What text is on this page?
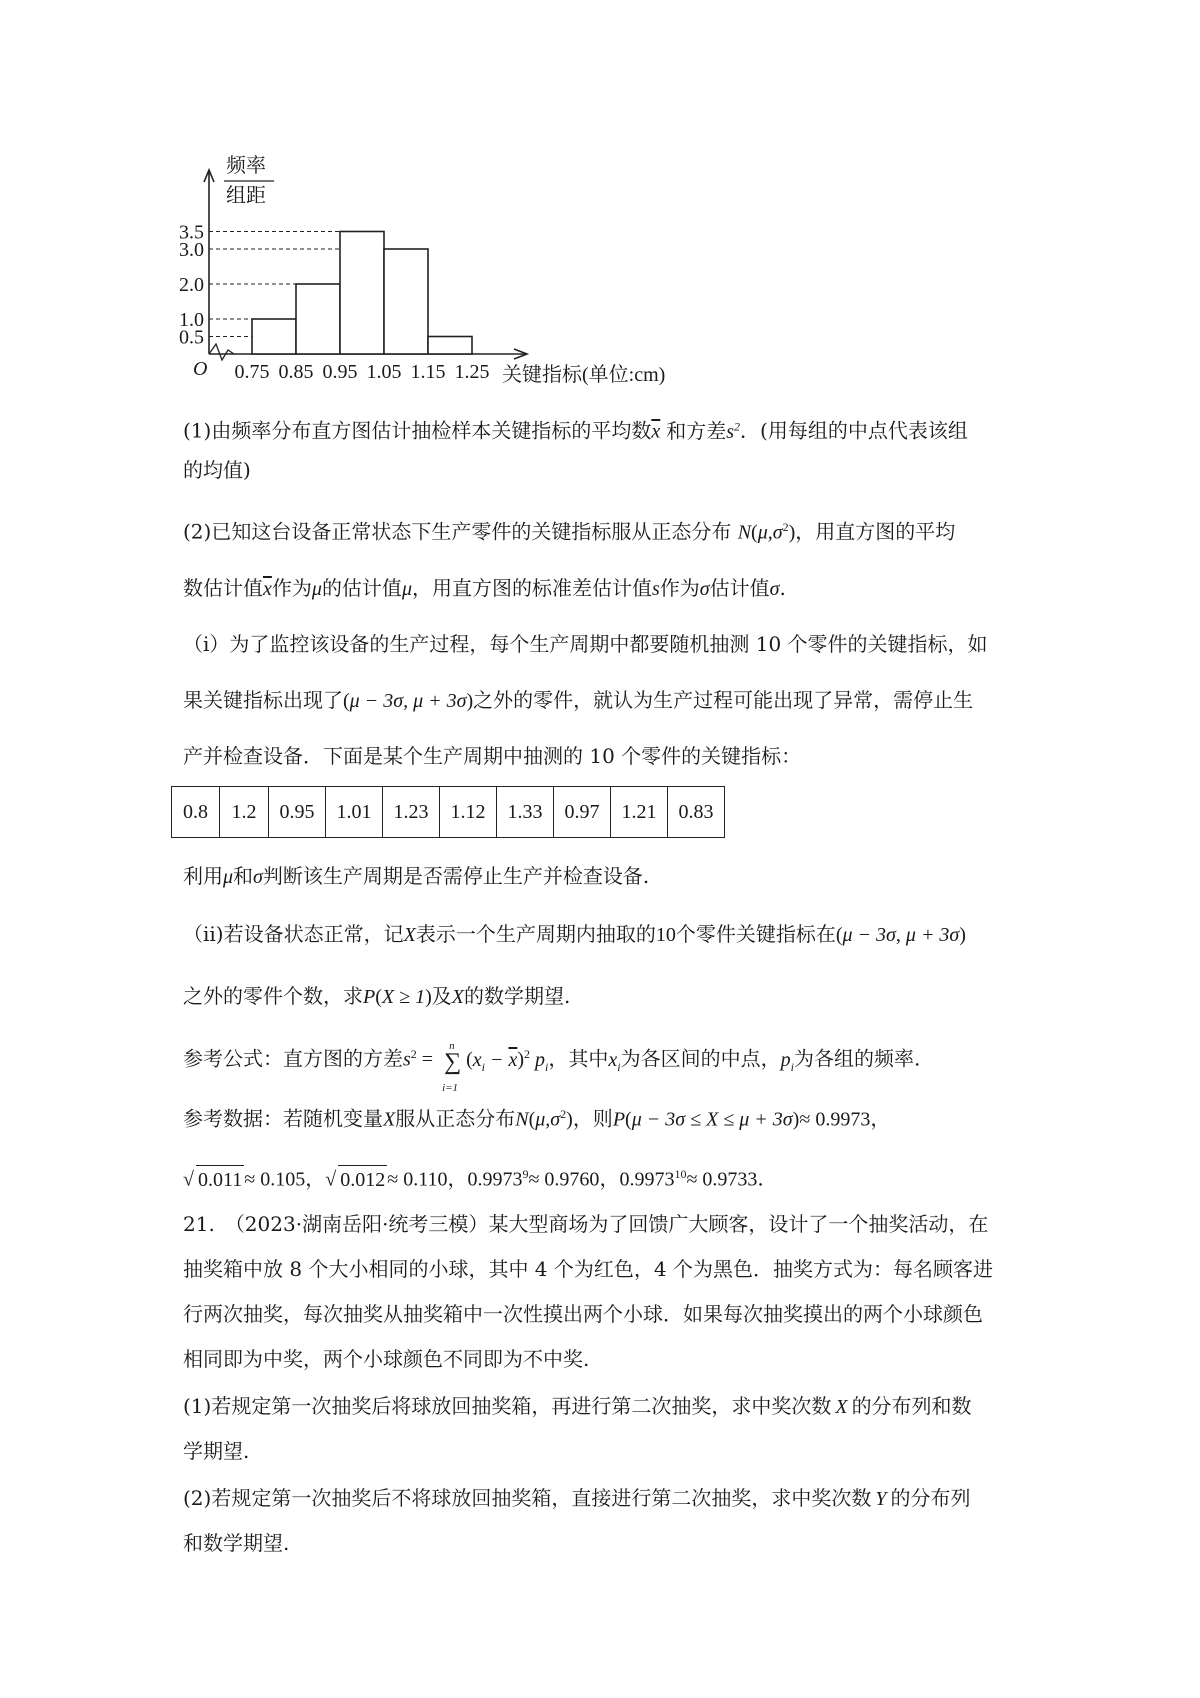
频率
组距
O
3.5
3.0
2.0
1.0
0.5
0.75 0.85 0.95 1.05 1.15 1.25 关键指标(单位:cm)
(1)由频率分布直方图估计抽检样本关键指标的平均数$\overline{x}$ 和方差$s^2$．(用每组的中点代表该组
的均值)
(2)已知这台设备正常状态下生产零件的关键指标服从正态分布 $N(\mu,\sigma^2)$，用直方图的平均
数估计值$\overline{x}$作为μ的估计值μ，用直方图的标准差估计值s作为σ估计值σ.
（i）为了监控该设备的生产过程，每个生产周期中都要随机抽测 10 个零件的关键指标，如
果关键指标出现了(μ − 3σ, μ + 3σ)之外的零件，就认为生产过程可能出现了异常，需停止生
产并检查设备．下面是某个生产周期中抽测的 10 个零件的关键指标：
0.8	1.2	0.95	1.01	1.23	1.12	1.33	0.97	1.21	0.83
利用μ和σ判断该生产周期是否需停止生产并检查设备.
（ii)若设备状态正常，记X表示一个生产周期内抽取的10个零件关键指标在(μ − 3σ, μ + 3σ)
之外的零件个数，求P(X ≥ 1)及X的数学期望.
参考公式：直方图的方差$s^2$ =
n
∑
i=1
$(x_i - \overline{x})^2$ $p_i$，其中$x_i$为各区间的中点，$p_i$为各组的频率.
参考数据：若随机变量X服从正态分布$N(\mu,\sigma^2)$，则P(μ − 3σ ≤ X ≤ μ + 3σ)≈ 0.9973，
√ 0.011 ≈ 0.105，√ 0.012 ≈ 0.110，$0.9973^9\approx 0.9760$，$0.9973^{10}\approx 0.9733$.
21. （2023·湖南岳阳·统考三模）某大型商场为了回馈广大顾客，设计了一个抽奖活动，在
抽奖箱中放 8 个大小相同的小球，其中 4 个为红色，4 个为黑色．抽奖方式为：每名顾客进
行两次抽奖，每次抽奖从抽奖箱中一次性摸出两个小球．如果每次抽奖摸出的两个小球颜色
相同即为中奖，两个小球颜色不同即为不中奖.
(1)若规定第一次抽奖后将球放回抽奖箱，再进行第二次抽奖，求中奖次数 X 的分布列和数
学期望.
(2)若规定第一次抽奖后不将球放回抽奖箱，直接进行第二次抽奖，求中奖次数 Y 的分布列
和数学期望.
